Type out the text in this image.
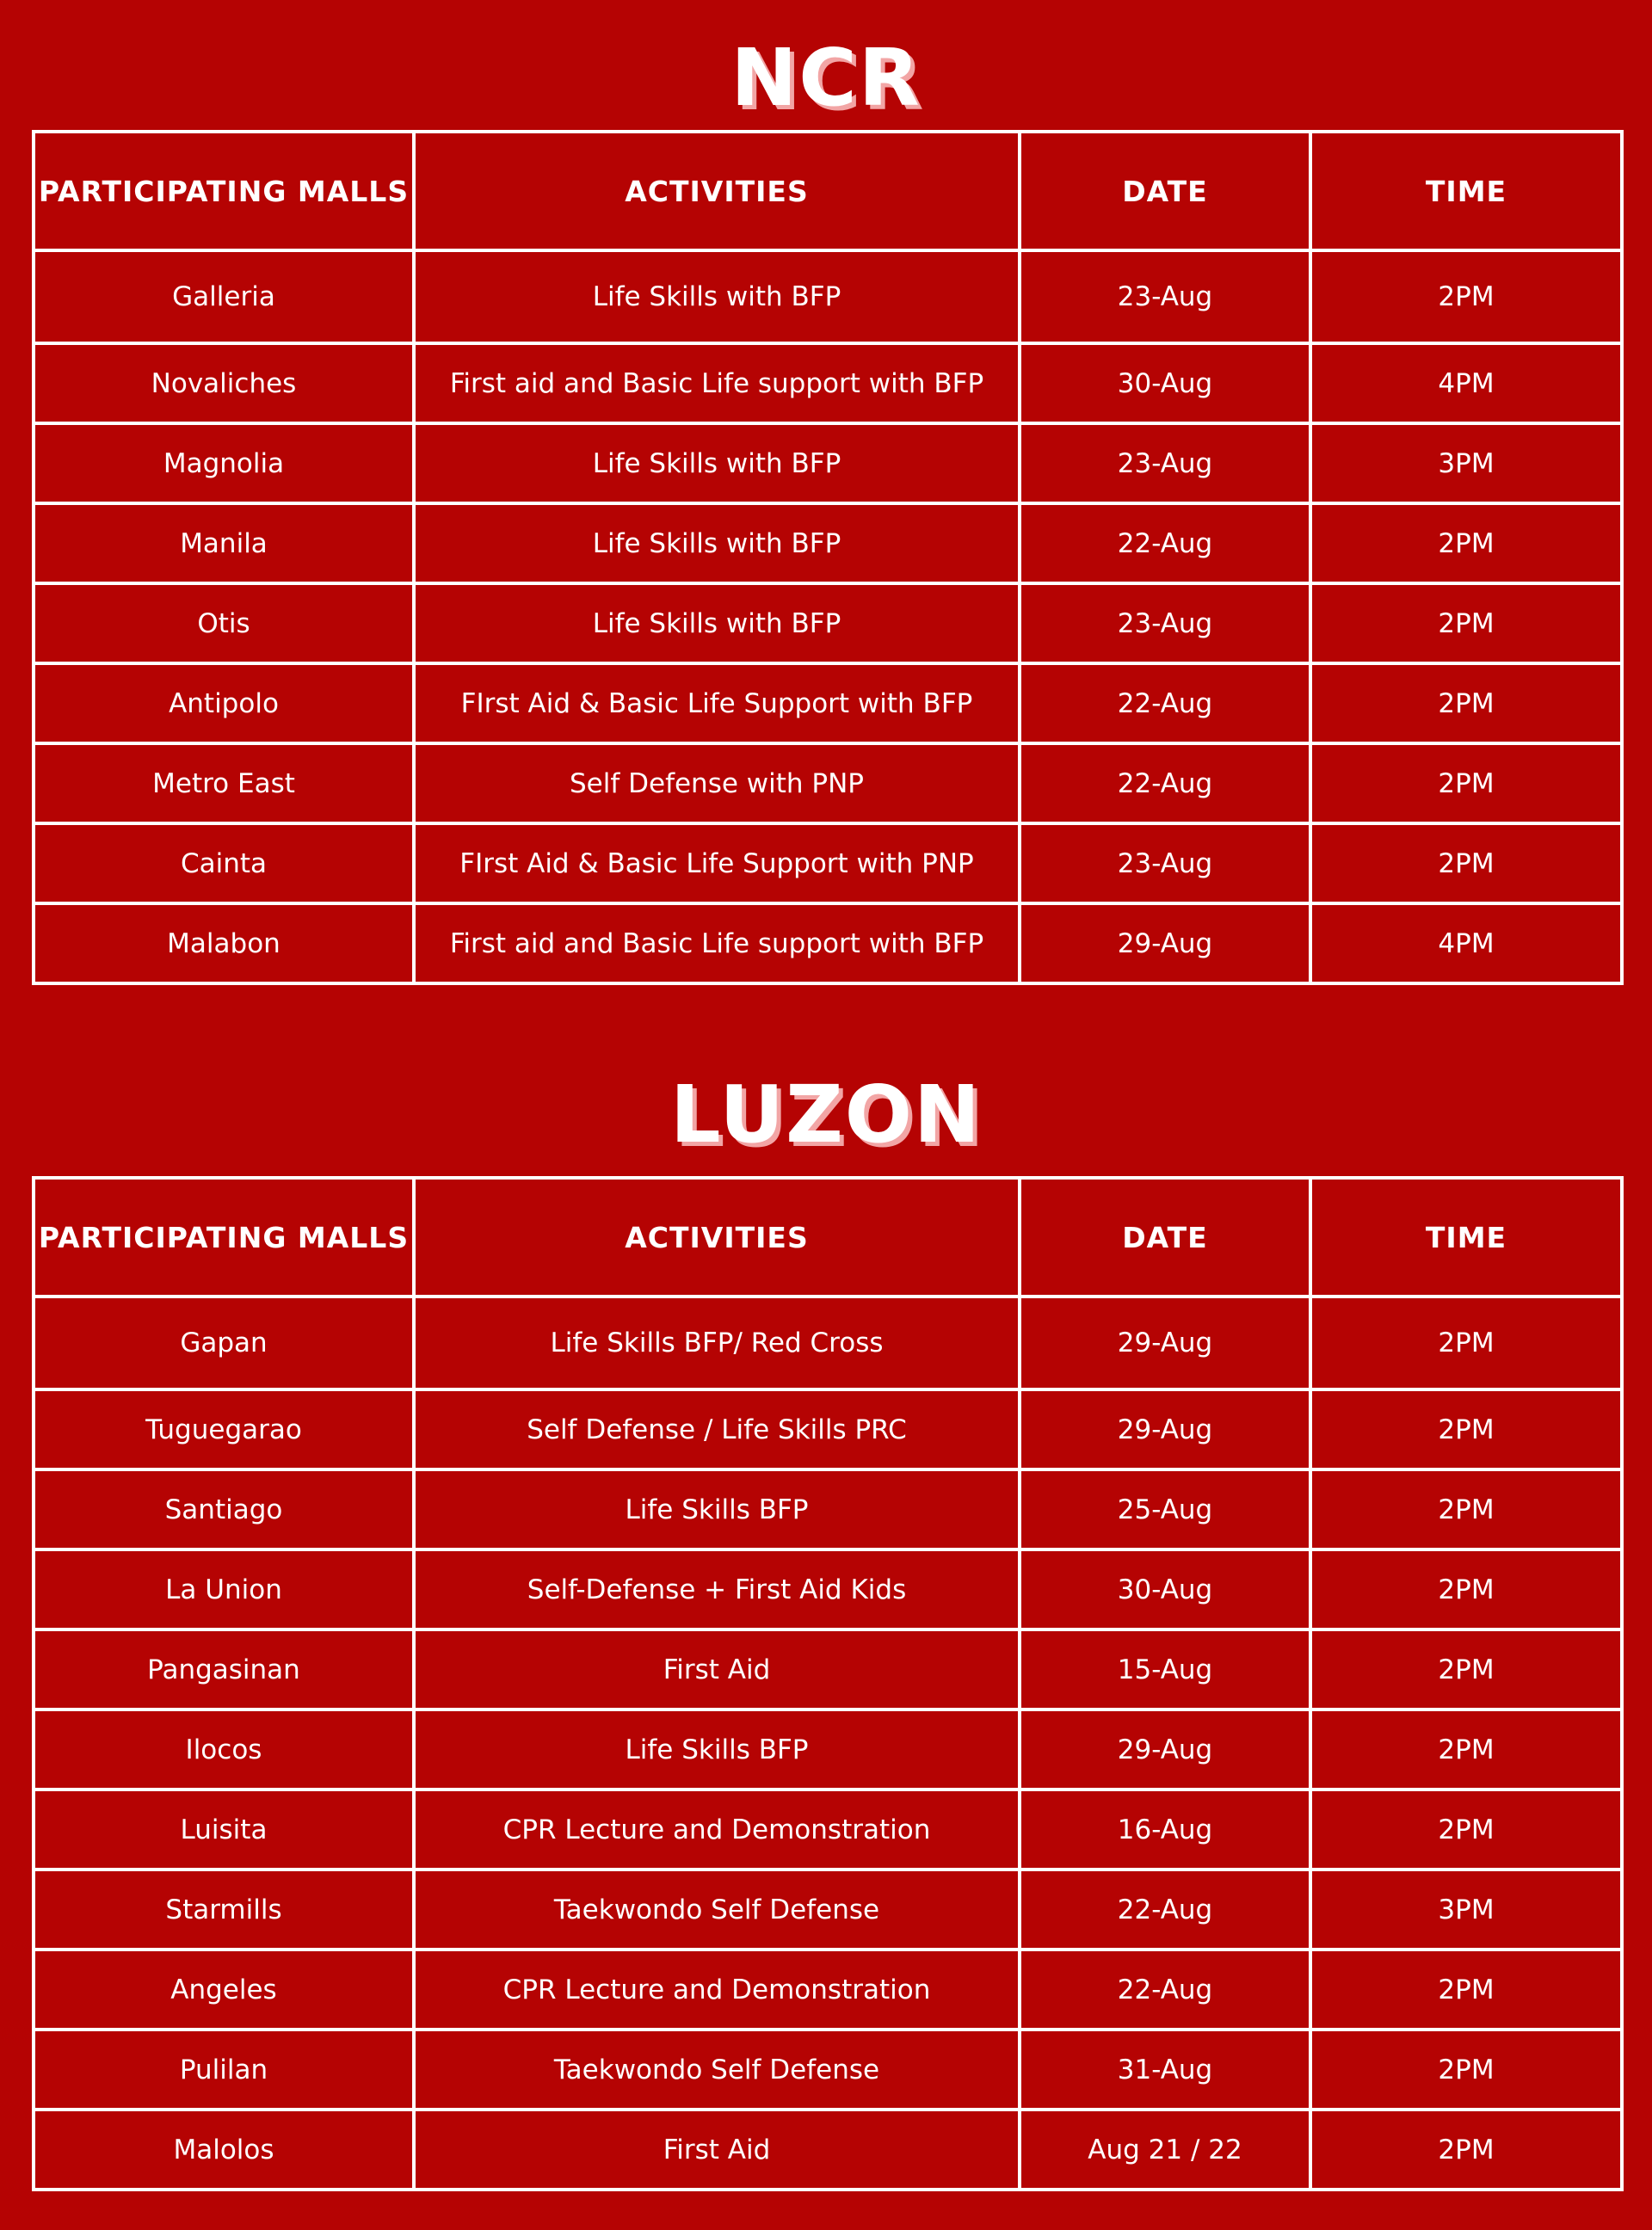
NCR
PARTICIPATING MALLS	ACTIVITIES	DATE	TIME
Galleria	Life Skills with BFP	23-Aug	2PM
Novaliches	First aid and Basic Life support with BFP	30-Aug	4PM
Magnolia	Life Skills with BFP	23-Aug	3PM
Manila	Life Skills with BFP	22-Aug	2PM
Otis	Life Skills with BFP	23-Aug	2PM
Antipolo	FIrst Aid & Basic Life Support with BFP	22-Aug	2PM
Metro East	Self Defense with PNP	22-Aug	2PM
Cainta	FIrst Aid & Basic Life Support with PNP	23-Aug	2PM
Malabon	First aid and Basic Life support with BFP	29-Aug	4PM
LUZON
PARTICIPATING MALLS	ACTIVITIES	DATE	TIME
Gapan	Life Skills BFP/ Red Cross	29-Aug	2PM
Tuguegarao	Self Defense / Life Skills PRC	29-Aug	2PM
Santiago	Life Skills BFP	25-Aug	2PM
La Union	Self-Defense + First Aid Kids	30-Aug	2PM
Pangasinan	First Aid	15-Aug	2PM
Ilocos	Life Skills BFP	29-Aug	2PM
Luisita	CPR Lecture and Demonstration	16-Aug	2PM
Starmills	Taekwondo Self Defense	22-Aug	3PM
Angeles	CPR Lecture and Demonstration	22-Aug	2PM
Pulilan	Taekwondo Self Defense	31-Aug	2PM
Malolos	First Aid	Aug 21 / 22	2PM
